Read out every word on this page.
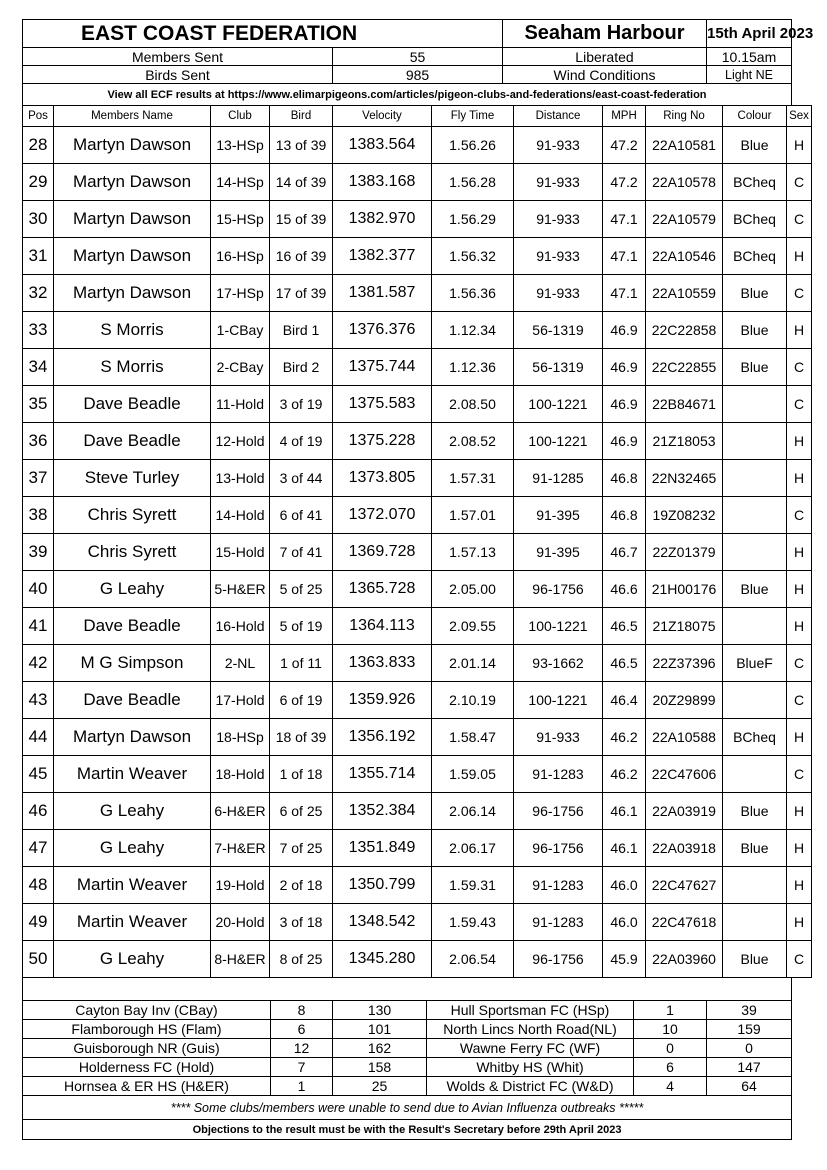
EAST COAST FEDERATION		Seaham Harbour	15th April 2023
Members Sent	55	Liberated	10.15am
Birds Sent	985	Wind Conditions	Light NE
View all ECF results at https://www.elimarpigeons.com/articles/pigeon-clubs-and-federations/east-coast-federation			
Pos	Members Name	Club	Bird	Velocity	Fly Time	Distance	MPH	Ring No	Colour	Sex
28	Martyn Dawson	13-HSp	13 of 39	1383.564	1.56.26	91-933	47.2	22A10581	Blue	H
29	Martyn Dawson	14-HSp	14 of 39	1383.168	1.56.28	91-933	47.2	22A10578	BCheq	C
30	Martyn Dawson	15-HSp	15 of 39	1382.970	1.56.29	91-933	47.1	22A10579	BCheq	C
31	Martyn Dawson	16-HSp	16 of 39	1382.377	1.56.32	91-933	47.1	22A10546	BCheq	H
32	Martyn Dawson	17-HSp	17 of 39	1381.587	1.56.36	91-933	47.1	22A10559	Blue	C
33	S Morris	1-CBay	Bird 1	1376.376	1.12.34	56-1319	46.9	22C22858	Blue	H
34	S Morris	2-CBay	Bird 2	1375.744	1.12.36	56-1319	46.9	22C22855	Blue	C
35	Dave Beadle	11-Hold	3 of 19	1375.583	2.08.50	100-1221	46.9	22B84671		C
36	Dave Beadle	12-Hold	4 of 19	1375.228	2.08.52	100-1221	46.9	21Z18053		H
37	Steve Turley	13-Hold	3 of 44	1373.805	1.57.31	91-1285	46.8	22N32465		H
38	Chris Syrett	14-Hold	6 of 41	1372.070	1.57.01	91-395	46.8	19Z08232		C
39	Chris Syrett	15-Hold	7 of 41	1369.728	1.57.13	91-395	46.7	22Z01379		H
40	G Leahy	5-H&ER	5 of 25	1365.728	2.05.00	96-1756	46.6	21H00176	Blue	H
41	Dave Beadle	16-Hold	5 of 19	1364.113	2.09.55	100-1221	46.5	21Z18075		H
42	M G Simpson	2-NL	1 of 11	1363.833	2.01.14	93-1662	46.5	22Z37396	BlueF	C
43	Dave Beadle	17-Hold	6 of 19	1359.926	2.10.19	100-1221	46.4	20Z29899		C
44	Martyn Dawson	18-HSp	18 of 39	1356.192	1.58.47	91-933	46.2	22A10588	BCheq	H
45	Martin Weaver	18-Hold	1 of 18	1355.714	1.59.05	91-1283	46.2	22C47606		C
46	G Leahy	6-H&ER	6 of 25	1352.384	2.06.14	96-1756	46.1	22A03919	Blue	H
47	G Leahy	7-H&ER	7 of 25	1351.849	2.06.17	96-1756	46.1	22A03918	Blue	H
48	Martin Weaver	19-Hold	2 of 18	1350.799	1.59.31	91-1283	46.0	22C47627		H
49	Martin Weaver	20-Hold	3 of 18	1348.542	1.59.43	91-1283	46.0	22C47618		H
50	G Leahy	8-H&ER	8 of 25	1345.280	2.06.54	96-1756	45.9	22A03960	Blue	C

Cayton Bay Inv (CBay)	8	130	Hull Sportsman FC (HSp)	1	39
Flamborough HS (Flam)	6	101	North Lincs North Road(NL)	10	159
Guisborough NR (Guis)	12	162	Wawne Ferry FC (WF)	0	0
Holderness FC (Hold)	7	158	Whitby HS (Whit)	6	147
Hornsea & ER HS (H&ER)	1	25	Wolds & District FC (W&D)	4	64
**** Some clubs/members were unable to send due to Avian Influenza outbreaks *****					
Objections to the result must be with the Result's Secretary before 29th April 2023					
